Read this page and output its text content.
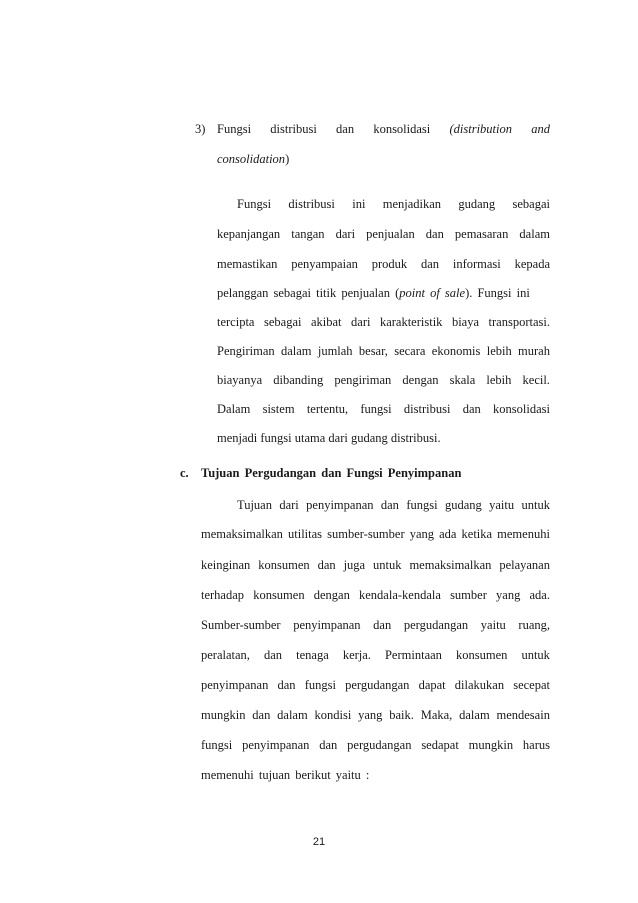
3) Fungsi distribusi dan konsolidasi (distribution and
consolidation)
Fungsi distribusi ini menjadikan gudang sebagai
kepanjangan tangan dari penjualan dan pemasaran dalam
memastikan penyampaian produk dan informasi kepada
pelanggan sebagai titik penjualan (point of sale). Fungsi ini
tercipta sebagai akibat dari karakteristik biaya transportasi.
Pengiriman dalam jumlah besar, secara ekonomis lebih murah
biayanya dibanding pengiriman dengan skala lebih kecil.
Dalam sistem tertentu, fungsi distribusi dan konsolidasi
menjadi fungsi utama dari gudang distribusi.
c. Tujuan Pergudangan dan Fungsi Penyimpanan
Tujuan dari penyimpanan dan fungsi gudang yaitu untuk
memaksimalkan utilitas sumber-sumber yang ada ketika memenuhi
keinginan konsumen dan juga untuk memaksimalkan pelayanan
terhadap konsumen dengan kendala-kendala sumber yang ada.
Sumber-sumber penyimpanan dan pergudangan yaitu ruang,
peralatan, dan tenaga kerja. Permintaan konsumen untuk
penyimpanan dan fungsi pergudangan dapat dilakukan secepat
mungkin dan dalam kondisi yang baik. Maka, dalam mendesain
fungsi penyimpanan dan pergudangan sedapat mungkin harus
memenuhi tujuan berikut yaitu :
21
